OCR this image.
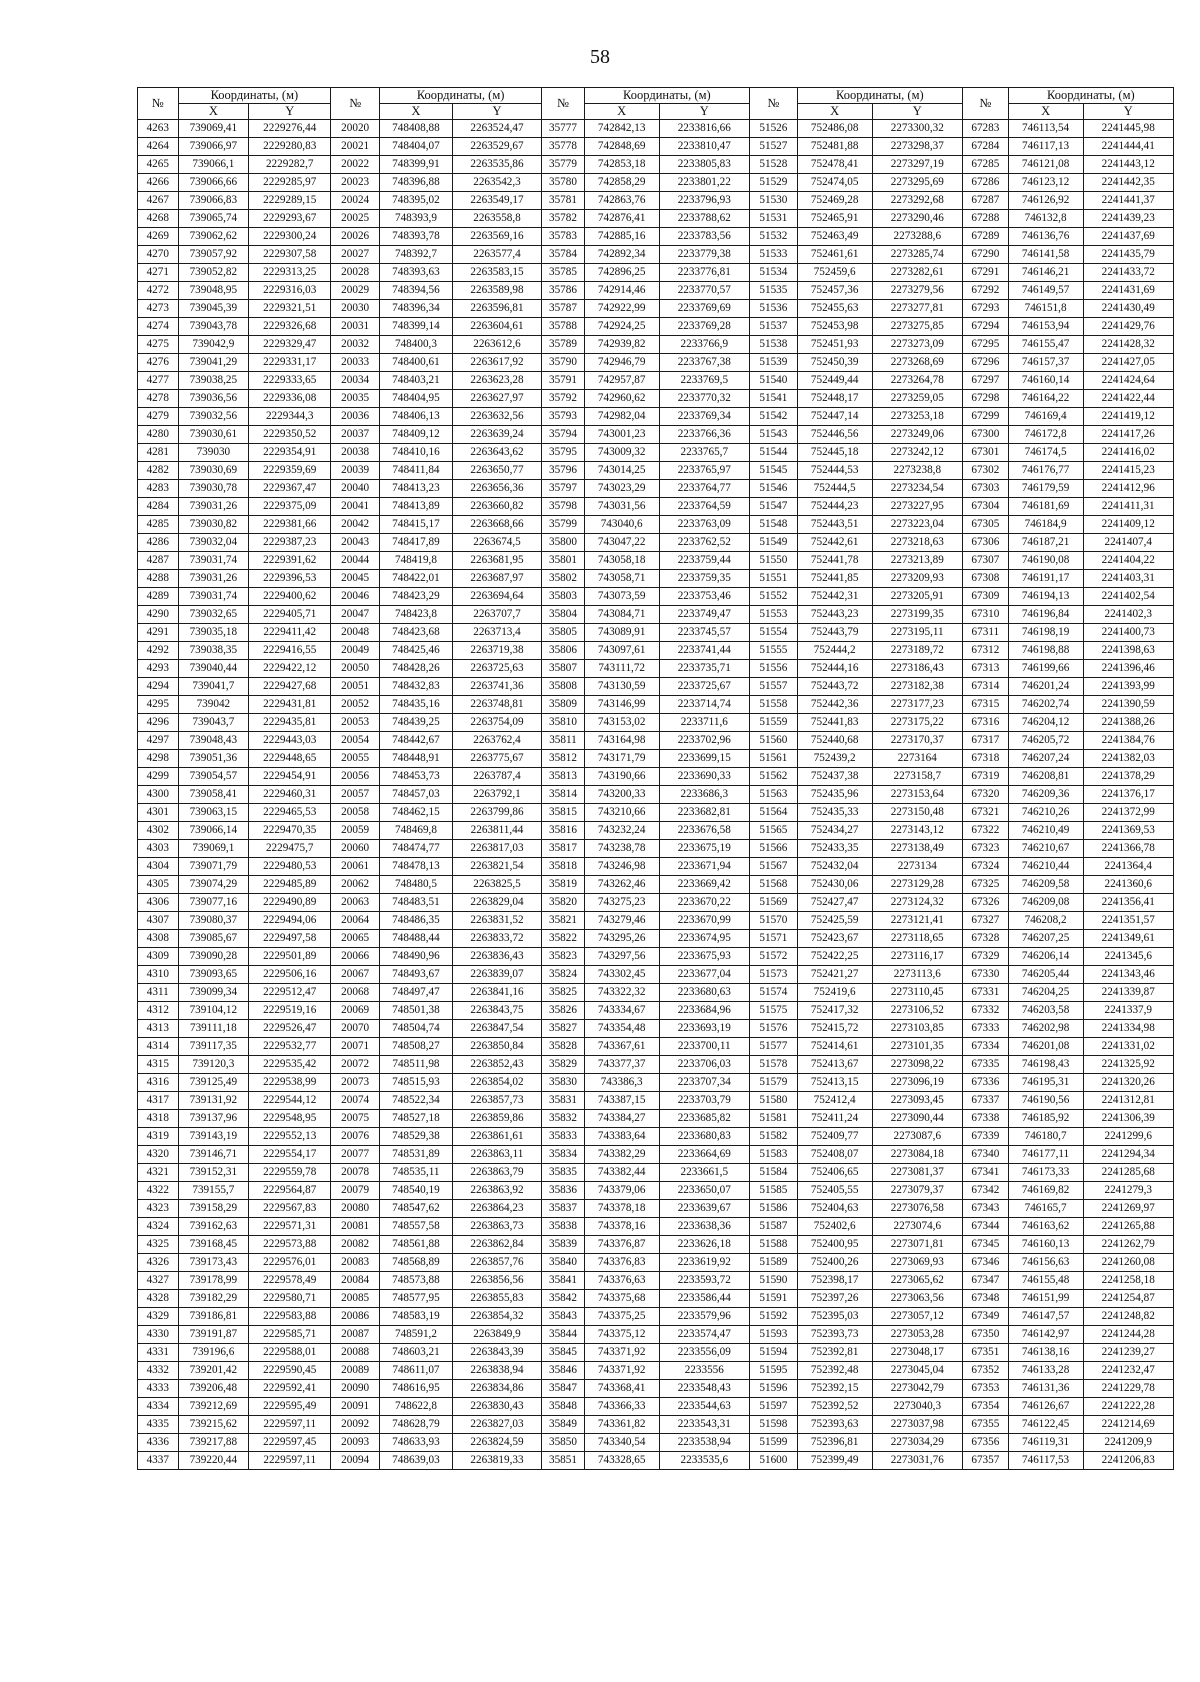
58
№	Координаты, (м)		№	Координаты, (м)		№	Координаты, (м)		№	Координаты, (м)		№	Координаты, (м)	
	X	Y		X	Y		X	Y		X	Y		X	Y
4263	739069,41	2229276,44	20020	748408,88	2263524,47	35777	742842,13	2233816,66	51526	752486,08	2273300,32	67283	746113,54	2241445,98
4264	739066,97	2229280,83	20021	748404,07	2263529,67	35778	742848,69	2233810,47	51527	752481,88	2273298,37	67284	746117,13	2241444,41
4265	739066,1	2229282,7	20022	748399,91	2263535,86	35779	742853,18	2233805,83	51528	752478,41	2273297,19	67285	746121,08	2241443,12
4266	739066,66	2229285,97	20023	748396,88	2263542,3	35780	742858,29	2233801,22	51529	752474,05	2273295,69	67286	746123,12	2241442,35
4267	739066,83	2229289,15	20024	748395,02	2263549,17	35781	742863,76	2233796,93	51530	752469,28	2273292,68	67287	746126,92	2241441,37
4268	739065,74	2229293,67	20025	748393,9	2263558,8	35782	742876,41	2233788,62	51531	752465,91	2273290,46	67288	746132,8	2241439,23
4269	739062,62	2229300,24	20026	748393,78	2263569,16	35783	742885,16	2233783,56	51532	752463,49	2273288,6	67289	746136,76	2241437,69
4270	739057,92	2229307,58	20027	748392,7	2263577,4	35784	742892,34	2233779,38	51533	752461,61	2273285,74	67290	746141,58	2241435,79
4271	739052,82	2229313,25	20028	748393,63	2263583,15	35785	742896,25	2233776,81	51534	752459,6	2273282,61	67291	746146,21	2241433,72
4272	739048,95	2229316,03	20029	748394,56	2263589,98	35786	742914,46	2233770,57	51535	752457,36	2273279,56	67292	746149,57	2241431,69
4273	739045,39	2229321,51	20030	748396,34	2263596,81	35787	742922,99	2233769,69	51536	752455,63	2273277,81	67293	746151,8	2241430,49
4274	739043,78	2229326,68	20031	748399,14	2263604,61	35788	742924,25	2233769,28	51537	752453,98	2273275,85	67294	746153,94	2241429,76
4275	739042,9	2229329,47	20032	748400,3	2263612,6	35789	742939,82	2233766,9	51538	752451,93	2273273,09	67295	746155,47	2241428,32
4276	739041,29	2229331,17	20033	748400,61	2263617,92	35790	742946,79	2233767,38	51539	752450,39	2273268,69	67296	746157,37	2241427,05
4277	739038,25	2229333,65	20034	748403,21	2263623,28	35791	742957,87	2233769,5	51540	752449,44	2273264,78	67297	746160,14	2241424,64
4278	739036,56	2229336,08	20035	748404,95	2263627,97	35792	742960,62	2233770,32	51541	752448,17	2273259,05	67298	746164,22	2241422,44
4279	739032,56	2229344,3	20036	748406,13	2263632,56	35793	742982,04	2233769,34	51542	752447,14	2273253,18	67299	746169,4	2241419,12
4280	739030,61	2229350,52	20037	748409,12	2263639,24	35794	743001,23	2233766,36	51543	752446,56	2273249,06	67300	746172,8	2241417,26
4281	739030	2229354,91	20038	748410,16	2263643,62	35795	743009,32	2233765,7	51544	752445,18	2273242,12	67301	746174,5	2241416,02
4282	739030,69	2229359,69	20039	748411,84	2263650,77	35796	743014,25	2233765,97	51545	752444,53	2273238,8	67302	746176,77	2241415,23
4283	739030,78	2229367,47	20040	748413,23	2263656,36	35797	743023,29	2233764,77	51546	752444,5	2273234,54	67303	746179,59	2241412,96
4284	739031,26	2229375,09	20041	748413,89	2263660,82	35798	743031,56	2233764,59	51547	752444,23	2273227,95	67304	746181,69	2241411,31
4285	739030,82	2229381,66	20042	748415,17	2263668,66	35799	743040,6	2233763,09	51548	752443,51	2273223,04	67305	746184,9	2241409,12
4286	739032,04	2229387,23	20043	748417,89	2263674,5	35800	743047,22	2233762,52	51549	752442,61	2273218,63	67306	746187,21	2241407,4
4287	739031,74	2229391,62	20044	748419,8	2263681,95	35801	743058,18	2233759,44	51550	752441,78	2273213,89	67307	746190,08	2241404,22
4288	739031,26	2229396,53	20045	748422,01	2263687,97	35802	743058,71	2233759,35	51551	752441,85	2273209,93	67308	746191,17	2241403,31
4289	739031,74	2229400,62	20046	748423,29	2263694,64	35803	743073,59	2233753,46	51552	752442,31	2273205,91	67309	746194,13	2241402,54
4290	739032,65	2229405,71	20047	748423,8	2263707,7	35804	743084,71	2233749,47	51553	752443,23	2273199,35	67310	746196,84	2241402,3
4291	739035,18	2229411,42	20048	748423,68	2263713,4	35805	743089,91	2233745,57	51554	752443,79	2273195,11	67311	746198,19	2241400,73
4292	739038,35	2229416,55	20049	748425,46	2263719,38	35806	743097,61	2233741,44	51555	752444,2	2273189,72	67312	746198,88	2241398,63
4293	739040,44	2229422,12	20050	748428,26	2263725,63	35807	743111,72	2233735,71	51556	752444,16	2273186,43	67313	746199,66	2241396,46
4294	739041,7	2229427,68	20051	748432,83	2263741,36	35808	743130,59	2233725,67	51557	752443,72	2273182,38	67314	746201,24	2241393,99
4295	739042	2229431,81	20052	748435,16	2263748,81	35809	743146,99	2233714,74	51558	752442,36	2273177,23	67315	746202,74	2241390,59
4296	739043,7	2229435,81	20053	748439,25	2263754,09	35810	743153,02	2233711,6	51559	752441,83	2273175,22	67316	746204,12	2241388,26
4297	739048,43	2229443,03	20054	748442,67	2263762,4	35811	743164,98	2233702,96	51560	752440,68	2273170,37	67317	746205,72	2241384,76
4298	739051,36	2229448,65	20055	748448,91	2263775,67	35812	743171,79	2233699,15	51561	752439,2	2273164	67318	746207,24	2241382,03
4299	739054,57	2229454,91	20056	748453,73	2263787,4	35813	743190,66	2233690,33	51562	752437,38	2273158,7	67319	746208,81	2241378,29
4300	739058,41	2229460,31	20057	748457,03	2263792,1	35814	743200,33	2233686,3	51563	752435,96	2273153,64	67320	746209,36	2241376,17
4301	739063,15	2229465,53	20058	748462,15	2263799,86	35815	743210,66	2233682,81	51564	752435,33	2273150,48	67321	746210,26	2241372,99
4302	739066,14	2229470,35	20059	748469,8	2263811,44	35816	743232,24	2233676,58	51565	752434,27	2273143,12	67322	746210,49	2241369,53
4303	739069,1	2229475,7	20060	748474,77	2263817,03	35817	743238,78	2233675,19	51566	752433,35	2273138,49	67323	746210,67	2241366,78
4304	739071,79	2229480,53	20061	748478,13	2263821,54	35818	743246,98	2233671,94	51567	752432,04	2273134	67324	746210,44	2241364,4
4305	739074,29	2229485,89	20062	748480,5	2263825,5	35819	743262,46	2233669,42	51568	752430,06	2273129,28	67325	746209,58	2241360,6
4306	739077,16	2229490,89	20063	748483,51	2263829,04	35820	743275,23	2233670,22	51569	752427,47	2273124,32	67326	746209,08	2241356,41
4307	739080,37	2229494,06	20064	748486,35	2263831,52	35821	743279,46	2233670,99	51570	752425,59	2273121,41	67327	746208,2	2241351,57
4308	739085,67	2229497,58	20065	748488,44	2263833,72	35822	743295,26	2233674,95	51571	752423,67	2273118,65	67328	746207,25	2241349,61
4309	739090,28	2229501,89	20066	748490,96	2263836,43	35823	743297,56	2233675,93	51572	752422,25	2273116,17	67329	746206,14	2241345,6
4310	739093,65	2229506,16	20067	748493,67	2263839,07	35824	743302,45	2233677,04	51573	752421,27	2273113,6	67330	746205,44	2241343,46
4311	739099,34	2229512,47	20068	748497,47	2263841,16	35825	743322,32	2233680,63	51574	752419,6	2273110,45	67331	746204,25	2241339,87
4312	739104,12	2229519,16	20069	748501,38	2263843,75	35826	743334,67	2233684,96	51575	752417,32	2273106,52	67332	746203,58	2241337,9
4313	739111,18	2229526,47	20070	748504,74	2263847,54	35827	743354,48	2233693,19	51576	752415,72	2273103,85	67333	746202,98	2241334,98
4314	739117,35	2229532,77	20071	748508,27	2263850,84	35828	743367,61	2233700,11	51577	752414,61	2273101,35	67334	746201,08	2241331,02
4315	739120,3	2229535,42	20072	748511,98	2263852,43	35829	743377,37	2233706,03	51578	752413,67	2273098,22	67335	746198,43	2241325,92
4316	739125,49	2229538,99	20073	748515,93	2263854,02	35830	743386,3	2233707,34	51579	752413,15	2273096,19	67336	746195,31	2241320,26
4317	739131,92	2229544,12	20074	748522,34	2263857,73	35831	743387,15	2233703,79	51580	752412,4	2273093,45	67337	746190,56	2241312,81
4318	739137,96	2229548,95	20075	748527,18	2263859,86	35832	743384,27	2233685,82	51581	752411,24	2273090,44	67338	746185,92	2241306,39
4319	739143,19	2229552,13	20076	748529,38	2263861,61	35833	743383,64	2233680,83	51582	752409,77	2273087,6	67339	746180,7	2241299,6
4320	739146,71	2229554,17	20077	748531,89	2263863,11	35834	743382,29	2233664,69	51583	752408,07	2273084,18	67340	746177,11	2241294,34
4321	739152,31	2229559,78	20078	748535,11	2263863,79	35835	743382,44	2233661,5	51584	752406,65	2273081,37	67341	746173,33	2241285,68
4322	739155,7	2229564,87	20079	748540,19	2263863,92	35836	743379,06	2233650,07	51585	752405,55	2273079,37	67342	746169,82	2241279,3
4323	739158,29	2229567,83	20080	748547,62	2263864,23	35837	743378,18	2233639,67	51586	752404,63	2273076,58	67343	746165,7	2241269,97
4324	739162,63	2229571,31	20081	748557,58	2263863,73	35838	743378,16	2233638,36	51587	752402,6	2273074,6	67344	746163,62	2241265,88
4325	739168,45	2229573,88	20082	748561,88	2263862,84	35839	743376,87	2233626,18	51588	752400,95	2273071,81	67345	746160,13	2241262,79
4326	739173,43	2229576,01	20083	748568,89	2263857,76	35840	743376,83	2233619,92	51589	752400,26	2273069,93	67346	746156,63	2241260,08
4327	739178,99	2229578,49	20084	748573,88	2263856,56	35841	743376,63	2233593,72	51590	752398,17	2273065,62	67347	746155,48	2241258,18
4328	739182,29	2229580,71	20085	748577,95	2263855,83	35842	743375,68	2233586,44	51591	752397,26	2273063,56	67348	746151,99	2241254,87
4329	739186,81	2229583,88	20086	748583,19	2263854,32	35843	743375,25	2233579,96	51592	752395,03	2273057,12	67349	746147,57	2241248,82
4330	739191,87	2229585,71	20087	748591,2	2263849,9	35844	743375,12	2233574,47	51593	752393,73	2273053,28	67350	746142,97	2241244,28
4331	739196,6	2229588,01	20088	748603,21	2263843,39	35845	743371,92	2233556,09	51594	752392,81	2273048,17	67351	746138,16	2241239,27
4332	739201,42	2229590,45	20089	748611,07	2263838,94	35846	743371,92	2233556	51595	752392,48	2273045,04	67352	746133,28	2241232,47
4333	739206,48	2229592,41	20090	748616,95	2263834,86	35847	743368,41	2233548,43	51596	752392,15	2273042,79	67353	746131,36	2241229,78
4334	739212,69	2229595,49	20091	748622,8	2263830,43	35848	743366,33	2233544,63	51597	752392,52	2273040,3	67354	746126,67	2241222,28
4335	739215,62	2229597,11	20092	748628,79	2263827,03	35849	743361,82	2233543,31	51598	752393,63	2273037,98	67355	746122,45	2241214,69
4336	739217,88	2229597,45	20093	748633,93	2263824,59	35850	743340,54	2233538,94	51599	752396,81	2273034,29	67356	746119,31	2241209,9
4337	739220,44	2229597,11	20094	748639,03	2263819,33	35851	743328,65	2233535,6	51600	752399,49	2273031,76	67357	746117,53	2241206,83
